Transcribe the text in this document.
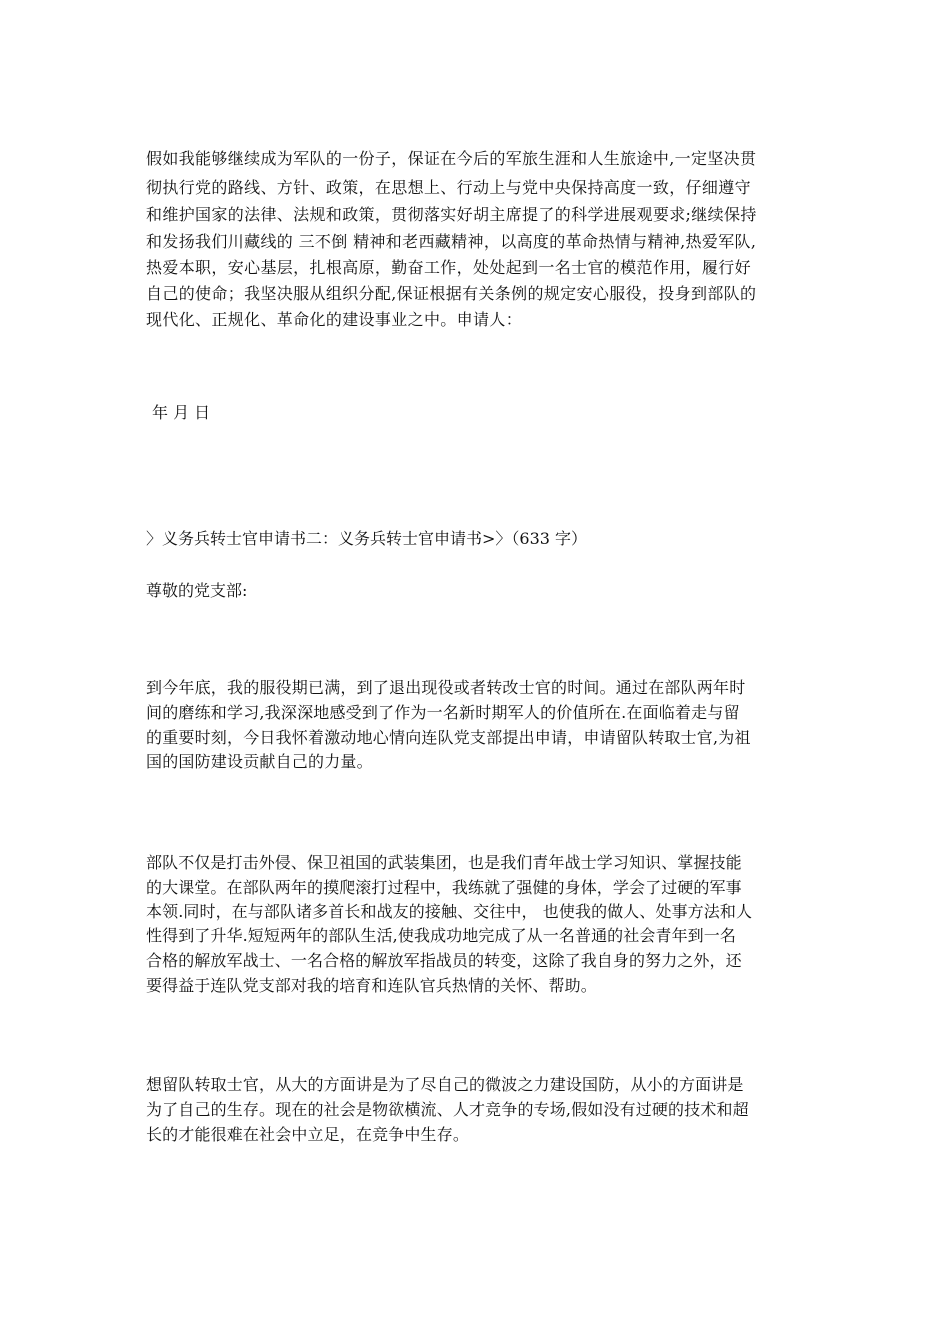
假如我能够继续成为军队的一份子，保证在今后的军旅生涯和人生旅途中,一定坚决贯

彻执行党的路线、方针、政策，在思想上、行动上与党中央保持高度一致，仔细遵守

和维护国家的法律、法规和政策，贯彻落实好胡主席提了的科学进展观要求;继续保持

和发扬我们川藏线的 三不倒 精神和老西藏精神，以高度的革命热情与精神,热爱军队,

热爱本职，安心基层，扎根高原，勤奋工作，处处起到一名士官的模范作用，履行好

自己的使命；我坚决服从组织分配,保证根据有关条例的规定安心服役，投身到部队的

现代化、正规化、革命化的建设事业之中。申请人：

年 月 日

〉义务兵转士官申请书二：义务兵转士官申请书>〉（633 字）

尊敬的党支部:

到今年底，我的服役期已满，到了退出现役或者转改士官的时间。通过在部队两年时

间的磨练和学习,我深深地感受到了作为一名新时期军人的价值所在.在面临着走与留

的重要时刻，今日我怀着激动地心情向连队党支部提出申请，申请留队转取士官,为祖

国的国防建设贡献自己的力量。

部队不仅是打击外侵、保卫祖国的武装集团，也是我们青年战士学习知识、掌握技能

的大课堂。在部队两年的摸爬滚打过程中，我练就了强健的身体，学会了过硬的军事

本领.同时，在与部队诸多首长和战友的接触、交往中， 也使我的做人、处事方法和人

性得到了升华.短短两年的部队生活,使我成功地完成了从一名普通的社会青年到一名

合格的解放军战士、一名合格的解放军指战员的转变，这除了我自身的努力之外，还

要得益于连队党支部对我的培育和连队官兵热情的关怀、帮助。

想留队转取士官，从大的方面讲是为了尽自己的微波之力建设国防，从小的方面讲是

为了自己的生存。现在的社会是物欲横流、人才竞争的专场,假如没有过硬的技术和超

长的才能很难在社会中立足，在竞争中生存。
